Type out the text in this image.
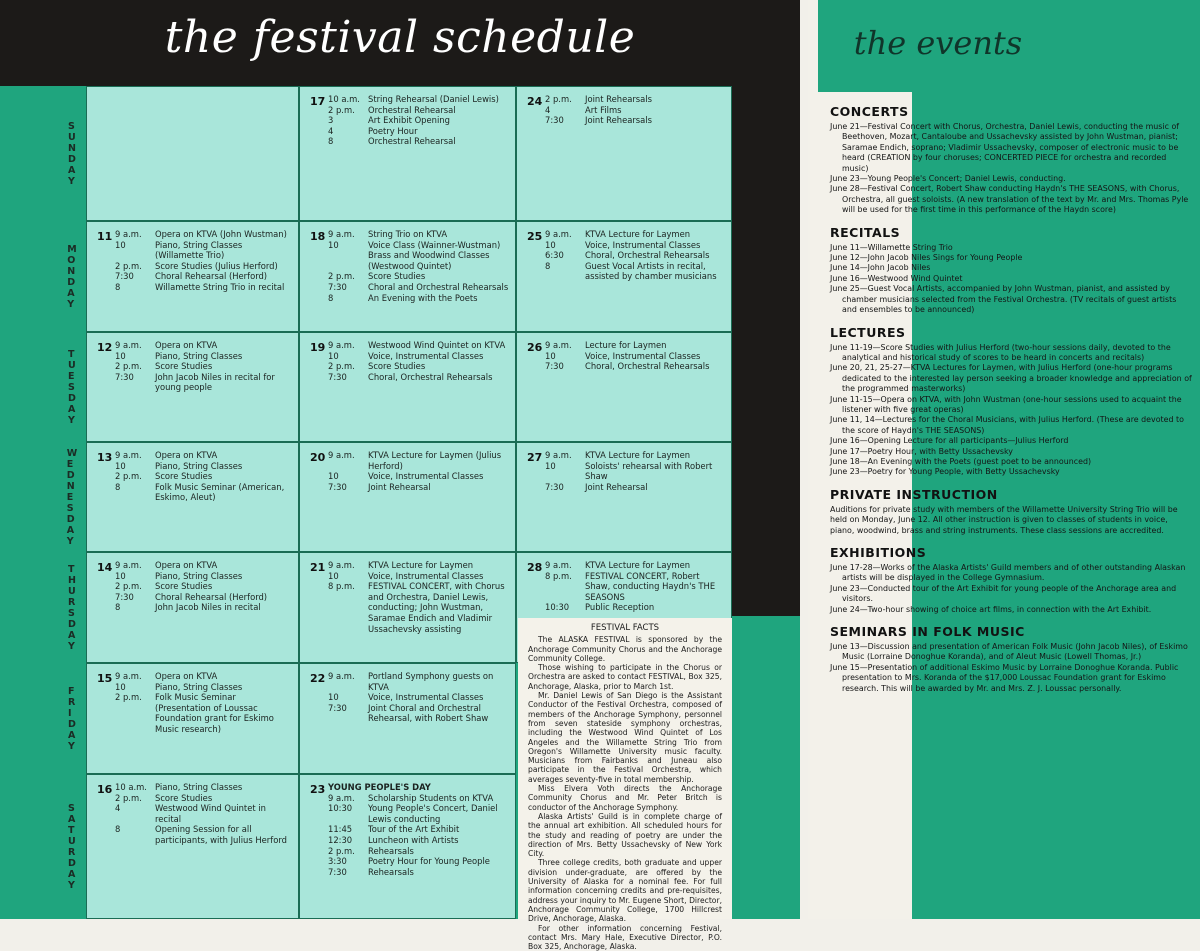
the festival schedule
S
U
N
D
A
Y
M
O
N
D
A
Y
T
U
E
S
D
A
Y
W
E
D
N
E
S
D
A
Y
T
H
U
R
S
D
A
Y
F
R
I
D
A
Y
S
A
T
U
R
D
A
Y
17 10 a.m. String Rehearsal (Daniel Lewis)
2 p.m.	Orchestral Rehearsal
3	Art Exhibit Opening
4	Poetry Hour
8	Orchestral Rehearsal
24 2 p.m.	Joint Rehearsals
4	Art Films
7:30	Joint Rehearsals
11 9 a.m.	Opera on KTVA (John Wustman)
10	Piano, String Classes (Willamette Trio)
2 p.m.	Score Studies (Julius Herford)
7:30	Choral Rehearsal (Herford)
8	Willamette String Trio in recital
18 9 a.m.	String Trio on KTVA
10	Voice Class (Wainner-Wustman) Brass and Woodwind Classes (Westwood Quintet)
2 p.m.	Score Studies
7:30	Choral and Orchestral Rehearsals
8	An Evening with the Poets
25 9 a.m.	KTVA Lecture for Laymen
10	Voice, Instrumental Classes
6:30	Choral, Orchestral Rehearsals
8	Guest Vocal Artists in recital, assisted by chamber musicians
12 9 a.m.	Opera on KTVA
10	Piano, String Classes
2 p.m.	Score Studies
7:30	John Jacob Niles in recital for young people
19 9 a.m.	Westwood Wind Quintet on KTVA
10	Voice, Instrumental Classes
2 p.m.	Score Studies
7:30	Choral, Orchestral Rehearsals
26 9 a.m.	Lecture for Laymen
10	Voice, Instrumental Classes
7:30	Choral, Orchestral Rehearsals
13 9 a.m.	Opera on KTVA
10	Piano, String Classes
2 p.m.	Score Studies
8	Folk Music Seminar (American, Eskimo, Aleut)
20 9 a.m.	KTVA Lecture for Laymen (Julius Herford)
10	Voice, Instrumental Classes
7:30	Joint Rehearsal
27 9 a.m.	KTVA Lecture for Laymen
10	Soloists' rehearsal with Robert Shaw
7:30	Joint Rehearsal
14 9 a.m.	Opera on KTVA
10	Piano, String Classes
2 p.m.	Score Studies
7:30	Choral Rehearsal (Herford)
8	John Jacob Niles in recital
21 9 a.m.	KTVA Lecture for Laymen
10	Voice, Instrumental Classes
8 p.m.	FESTIVAL CONCERT, with Chorus and Orchestra, Daniel Lewis, conducting; John Wustman, Saramae Endich and Vladimir Ussachevsky assisting
28 9 a.m.	KTVA Lecture for Laymen
8 p.m.	FESTIVAL CONCERT, Robert Shaw, conducting Haydn's THE SEASONS
10:30	Public Reception
15 9 a.m.	Opera on KTVA
10	Piano, String Classes
2 p.m.	Folk Music Seminar (Presentation of Loussac Foundation grant for Eskimo Music research)
22 9 a.m.	Portland Symphony guests on KTVA
10	Voice, Instrumental Classes
7:30	Joint Choral and Orchestral Rehearsal, with Robert Shaw
16 10 a.m. Piano, String Classes
2 p.m.	Score Studies
4	Westwood Wind Quintet in recital
8	Opening Session for all participants, with Julius Herford
23 YOUNG PEOPLE'S DAY
9 a.m.	Scholarship Students on KTVA
10:30	Young People's Concert, Daniel Lewis conducting
11:45	Tour of the Art Exhibit
12:30	Luncheon with Artists
2 p.m.	Rehearsals
3:30	Poetry Hour for Young People
7:30	Rehearsals
FESTIVAL FACTS

The ALASKA FESTIVAL is sponsored by the Anchorage Community Chorus and the Anchorage Community College.

Those wishing to participate in the Chorus or Orchestra are asked to contact FESTIVAL, Box 325, Anchorage, Alaska, prior to March 1st.

Mr. Daniel Lewis of San Diego is the Assistant Conductor of the Festival Orchestra, composed of members of the Anchorage Symphony, personnel from seven stateside symphony orchestras, including the Westwood Wind Quintet of Los Angeles and the Willamette String Trio from Oregon's Willamette University music faculty. Musicians from Fairbanks and Juneau also participate in the Festival Orchestra, which averages seventy-five in total membership.

Miss Elvera Voth directs the Anchorage Community Chorus and Mr. Peter Britch is conductor of the Anchorage Symphony.

Alaska Artists' Guild is in complete charge of the annual art exhibition. All scheduled hours for the study and reading of poetry are under the direction of Mrs. Betty Ussachevsky of New York City.

Three college credits, both graduate and upper division under-graduate, are offered by the University of Alaska for a nominal fee. For full information concerning credits and pre-requisites, address your inquiry to Mr. Eugene Short, Director, Anchorage Community College, 1700 Hillcrest Drive, Anchorage, Alaska.

For other information concerning Festival, contact Mrs. Mary Hale, Executive Director, P.O. Box 325, Anchorage, Alaska.

the events
CONCERTS
June 21—Festival Concert with Chorus, Orchestra, Daniel Lewis, conducting the music of Beethoven, Mozart, Cantaloube and Ussachevsky assisted by John Wustman, pianist; Saramae Endich, soprano; Vladimir Ussachevsky, composer of electronic music to be heard (CREATION by four choruses; CONCERTED PIECE for orchestra and recorded music)
June 23—Young People's Concert; Daniel Lewis, conducting.
June 28—Festival Concert, Robert Shaw conducting Haydn's THE SEASONS, with Chorus, Orchestra, all guest soloists. (A new translation of the text by Mr. and Mrs. Thomas Pyle will be used for the first time in this performance of the Haydn score)
RECITALS
June 11—Willamette String Trio
June 12—John Jacob Niles Sings for Young People
June 14—John Jacob Niles
June 16—Westwood Wind Quintet
June 25—Guest Vocal Artists, accompanied by John Wustman, pianist, and assisted by chamber musicians selected from the Festival Orchestra. (TV recitals of guest artists and ensembles to be announced)
LECTURES
June 11-19—Score Studies with Julius Herford (two-hour sessions daily, devoted to the analytical and historical study of scores to be heard in concerts and recitals)
June 20, 21, 25-27—KTVA Lectures for Laymen, with Julius Herford (one-hour programs dedicated to the interested lay person seeking a broader knowledge and appreciation of the programmed masterworks)
June 11-15—Opera on KTVA, with John Wustman (one-hour sessions used to acquaint the listener with five great operas)
June 11, 14—Lectures for the Choral Musicians, with Julius Herford. (These are devoted to the score of Haydn's THE SEASONS)
June 16—Opening Lecture for all participants—Julius Herford
June 17—Poetry Hour, with Betty Ussachevsky
June 18—An Evening with the Poets (guest poet to be announced)
June 23—Poetry for Young People, with Betty Ussachevsky
PRIVATE INSTRUCTION
Auditions for private study with members of the Willamette University String Trio will be held on Monday, June 12. All other instruction is given to classes of students in voice, piano, woodwind, brass and string instruments. These class sessions are accredited.
EXHIBITIONS
June 17-28—Works of the Alaska Artists' Guild members and of other outstanding Alaskan artists will be displayed in the College Gymnasium.
June 23—Conducted tour of the Art Exhibit for young people of the Anchorage area and visitors.
June 24—Two-hour showing of choice art films, in connection with the Art Exhibit.
SEMINARS IN FOLK MUSIC
June 13—Discussion and presentation of American Folk Music (John Jacob Niles), of Eskimo Music (Lorraine Donoghue Koranda), and of Aleut Music (Lowell Thomas, Jr.)
June 15—Presentation of additional Eskimo Music by Lorraine Donoghue Koranda. Public presentation to Mrs. Koranda of the $17,000 Loussac Foundation grant for Eskimo research. This will be awarded by Mr. and Mrs. Z. J. Loussac personally.
